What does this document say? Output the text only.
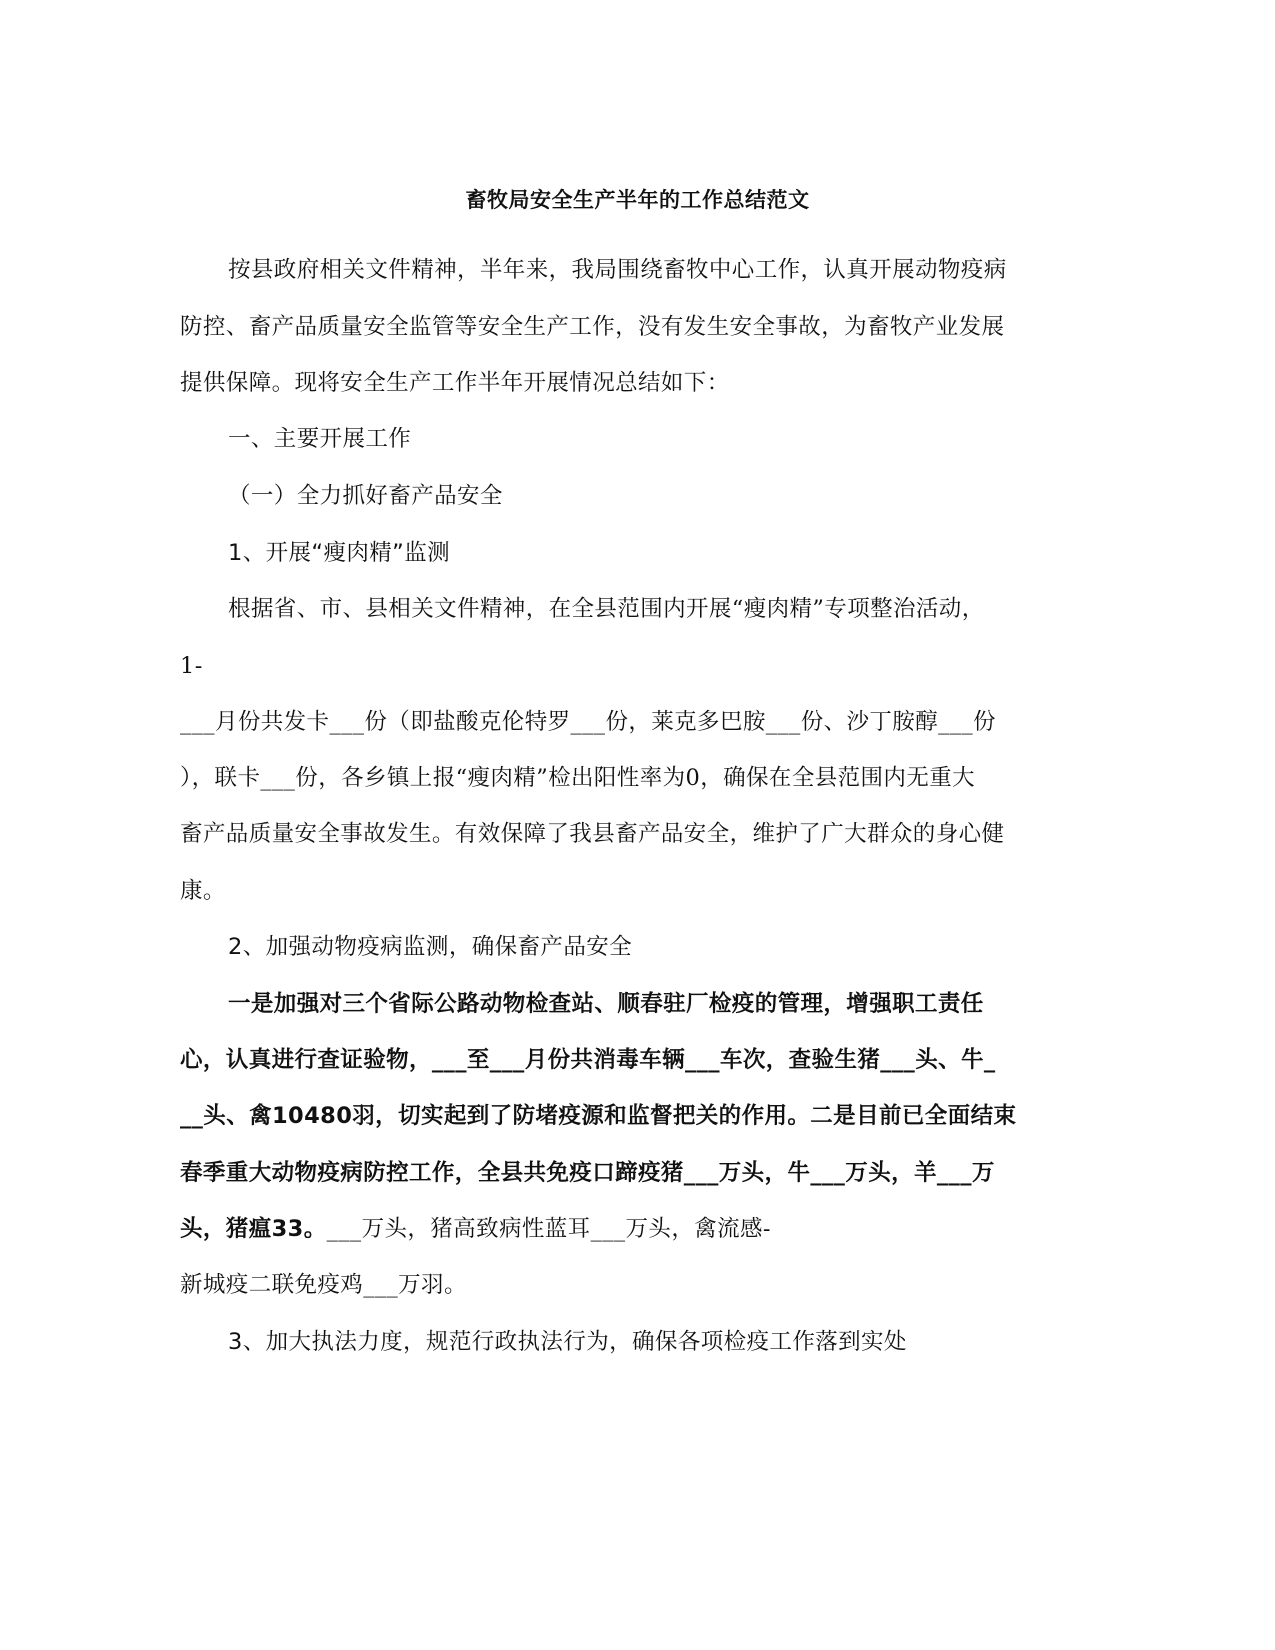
畜牧局安全生产半年的工作总结范文
按县政府相关文件精神，半年来，我局围绕畜牧中心工作，认真开展动物疫病
防控、畜产品质量安全监管等安全生产工作，没有发生安全事故，为畜牧产业发展
提供保障。现将安全生产工作半年开展情况总结如下：
一、主要开展工作
（一）全力抓好畜产品安全
1、开展“瘦肉精”监测
根据省、市、县相关文件精神，在全县范围内开展“瘦肉精”专项整治活动，
1-
___月份共发卡___份（即盐酸克伦特罗___份，莱克多巴胺___份、沙丁胺醇___份
），联卡___份，各乡镇上报“瘦肉精”检出阳性率为0，确保在全县范围内无重大
畜产品质量安全事故发生。有效保障了我县畜产品安全，维护了广大群众的身心健
康。
2、加强动物疫病监测，确保畜产品安全
一是加强对三个省际公路动物检查站、顺春驻厂检疫的管理，增强职工责任
心，认真进行查证验物，___至___月份共消毒车辆___车次，查验生猪___头、牛_
__头、禽10480羽，切实起到了防堵疫源和监督把关的作用。二是目前已全面结束
春季重大动物疫病防控工作，全县共免疫口蹄疫猪___万头，牛___万头，羊___万
头，猪瘟33。___万头，猪高致病性蓝耳___万头，禽流感-
新城疫二联免疫鸡___万羽。
3、加大执法力度，规范行政执法行为，确保各项检疫工作落到实处
